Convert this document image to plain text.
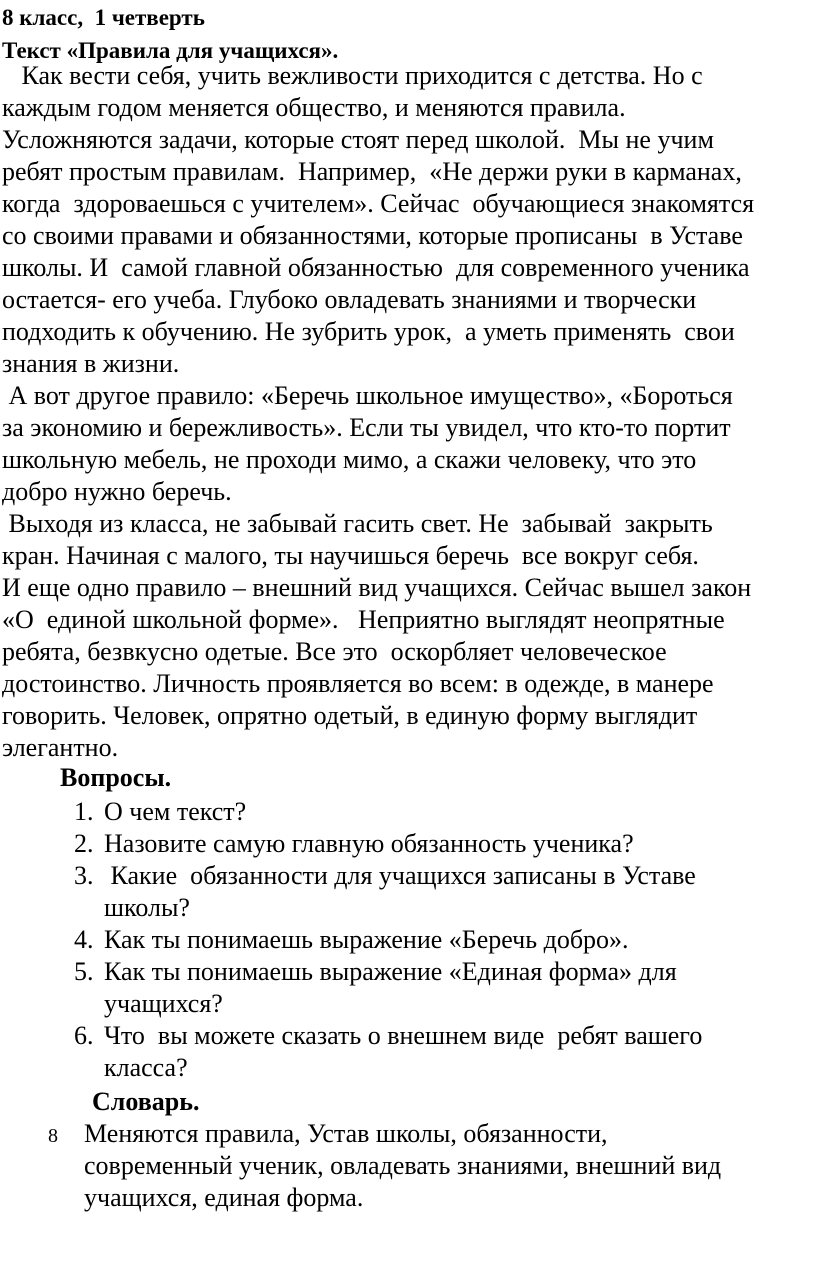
8 класс,  1 четверть
Текст «Правила для учащихся».
Как вести себя, учить вежливости приходится с детства. Но с
каждым годом меняется общество, и меняются правила.
Усложняются задачи, которые стоят перед школой.  Мы не учим
ребят простым правилам.  Например,  «Не держи руки в карманах,
когда  здороваешься с учителем». Сейчас  обучающиеся знакомятся
со своими правами и обязанностями, которые прописаны  в Уставе
школы. И  самой главной обязанностью  для современного ученика
остается- его учеба. Глубоко овладевать знаниями и творчески
подходить к обучению. Не зубрить урок,  а уметь применять  свои
знания в жизни.
А вот другое правило: «Беречь школьное имущество», «Бороться
за экономию и бережливость». Если ты увидел, что кто-то портит
школьную мебель, не проходи мимо, а скажи человеку, что это
добро нужно беречь.
Выходя из класса, не забывай гасить свет. Не  забывай  закрыть
кран. Начиная с малого, ты научишься беречь  все вокруг себя.
И еще одно правило – внешний вид учащихся. Сейчас вышел закон
«О  единой школьной форме».   Неприятно выглядят неопрятные
ребята, безвкусно одетые. Все это  оскорбляет человеческое
достоинство. Личность проявляется во всем: в одежде, в манере
говорить. Человек, опрятно одетый, в единую форму выглядит
элегантно.
Вопросы.
1. О чем текст?
2. Назовите самую главную обязанность ученика?
3. Какие  обязанности для учащихся записаны в Уставе
школы?
4. Как ты понимаешь выражение «Беречь добро».
5. Как ты понимаешь выражение «Единая форма» для
учащихся?
6. Что  вы можете сказать о внешнем виде  ребят вашего
класса?
Словарь.
8 Меняются правила, Устав школы, обязанности,
современный ученик, овладевать знаниями, внешний вид
учащихся, единая форма.
